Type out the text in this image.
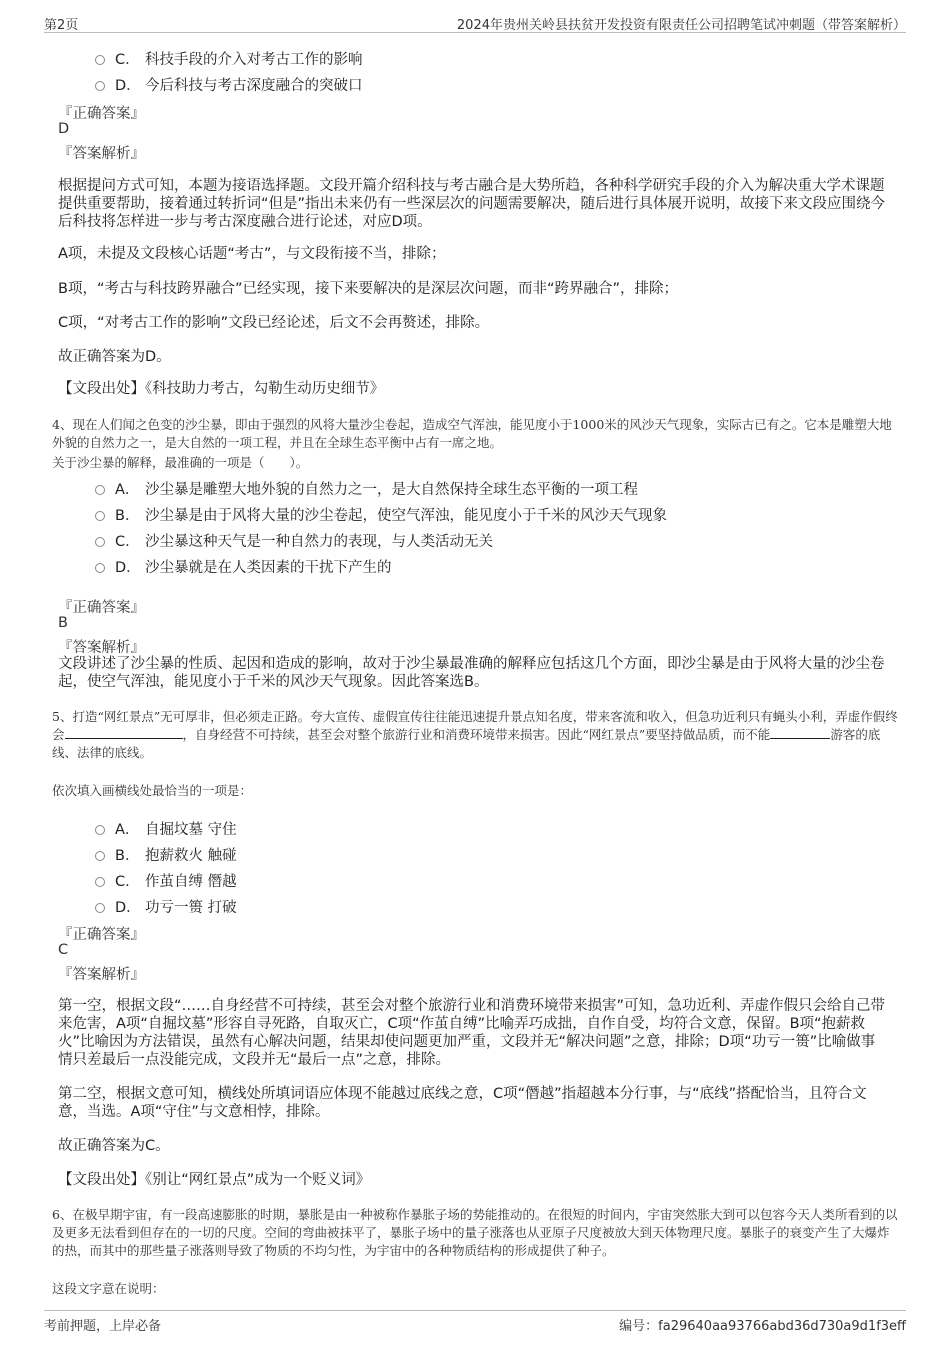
第2页	2024年贵州关岭县扶贫开发投资有限责任公司招聘笔试冲刺题（带答案解析）
C． 科技手段的介入对考古工作的影响
D． 今后科技与考古深度融合的突破口
『正确答案』
D
『答案解析』
根据提问方式可知，本题为接语选择题。文段开篇介绍科技与考古融合是大势所趋，各种科学研究手段的介入为解决重大学术课题提供重要帮助，接着通过转折词“但是”指出未来仍有一些深层次的问题需要解决，随后进行具体展开说明，故接下来文段应围绕今后科技将怎样进一步与考古深度融合进行论述，对应D项。
A项，未提及文段核心话题“考古”，与文段衔接不当，排除；
B项，“考古与科技跨界融合”已经实现，接下来要解决的是深层次问题，而非“跨界融合”，排除；
C项，“对考古工作的影响”文段已经论述，后文不会再赘述，排除。
故正确答案为D。
【文段出处】《科技助力考古，勾勒生动历史细节》
4、现在人们闻之色变的沙尘暴，即由于强烈的风将大量沙尘卷起，造成空气浑浊，能见度小于1000米的风沙天气现象，实际古已有之。它本是雕塑大地外貌的自然力之一，是大自然的一项工程，并且在全球生态平衡中占有一席之地。
关于沙尘暴的解释，最准确的一项是（　　）。
A． 沙尘暴是雕塑大地外貌的自然力之一，是大自然保持全球生态平衡的一项工程
B． 沙尘暴是由于风将大量的沙尘卷起，使空气浑浊，能见度小于千米的风沙天气现象
C． 沙尘暴这种天气是一种自然力的表现，与人类活动无关
D． 沙尘暴就是在人类因素的干扰下产生的
『正确答案』
B
『答案解析』
文段讲述了沙尘暴的性质、起因和造成的影响，故对于沙尘暴最准确的解释应包括这几个方面，即沙尘暴是由于风将大量的沙尘卷起，使空气浑浊，能见度小于千米的风沙天气现象。因此答案选B。
5、打造“网红景点”无可厚非，但必须走正路。夸大宣传、虚假宣传往往能迅速提升景点知名度，带来客流和收入，但急功近利只有蝇头小利，弄虚作假终会	，自身经营不可持续，甚至会对整个旅游行业和消费环境带来损害。因此“网红景点”要坚持做品质，而不能	游客的底线、法律的底线。
依次填入画横线处最恰当的一项是：
A． 自掘坟墓 守住
B． 抱薪救火 触碰
C． 作茧自缚 僭越
D． 功亏一篑 打破
『正确答案』
C
『答案解析』
第一空，根据文段“……自身经营不可持续，甚至会对整个旅游行业和消费环境带来损害”可知，急功近利、弄虚作假只会给自己带来危害，A项“自掘坟墓”形容自寻死路，自取灭亡，C项“作茧自缚”比喻弄巧成拙，自作自受，均符合文意，保留。B项“抱薪救火”比喻因为方法错误，虽然有心解决问题，结果却使问题更加严重，文段并无“解决问题”之意，排除；D项“功亏一篑”比喻做事情只差最后一点没能完成，文段并无“最后一点”之意，排除。
第二空，根据文意可知，横线处所填词语应体现不能越过底线之意，C项“僭越”指超越本分行事，与“底线”搭配恰当，且符合文意，当选。A项“守住”与文意相悖，排除。
故正确答案为C。
【文段出处】《别让“网红景点”成为一个贬义词》
6、在极早期宇宙，有一段高速膨胀的时期，暴胀是由一种被称作暴胀子场的势能推动的。在很短的时间内，宇宙突然胀大到可以包容今天人类所看到的以及更多无法看到但存在的一切的尺度。空间的弯曲被抹平了，暴胀子场中的量子涨落也从亚原子尺度被放大到天体物理尺度。暴胀子的衰变产生了大爆炸的热，而其中的那些量子涨落则导致了物质的不均匀性，为宇宙中的各种物质结构的形成提供了种子。
这段文字意在说明：
考前押题，上岸必备	编号：fa29640aa93766abd36d730a9d1f3eff
